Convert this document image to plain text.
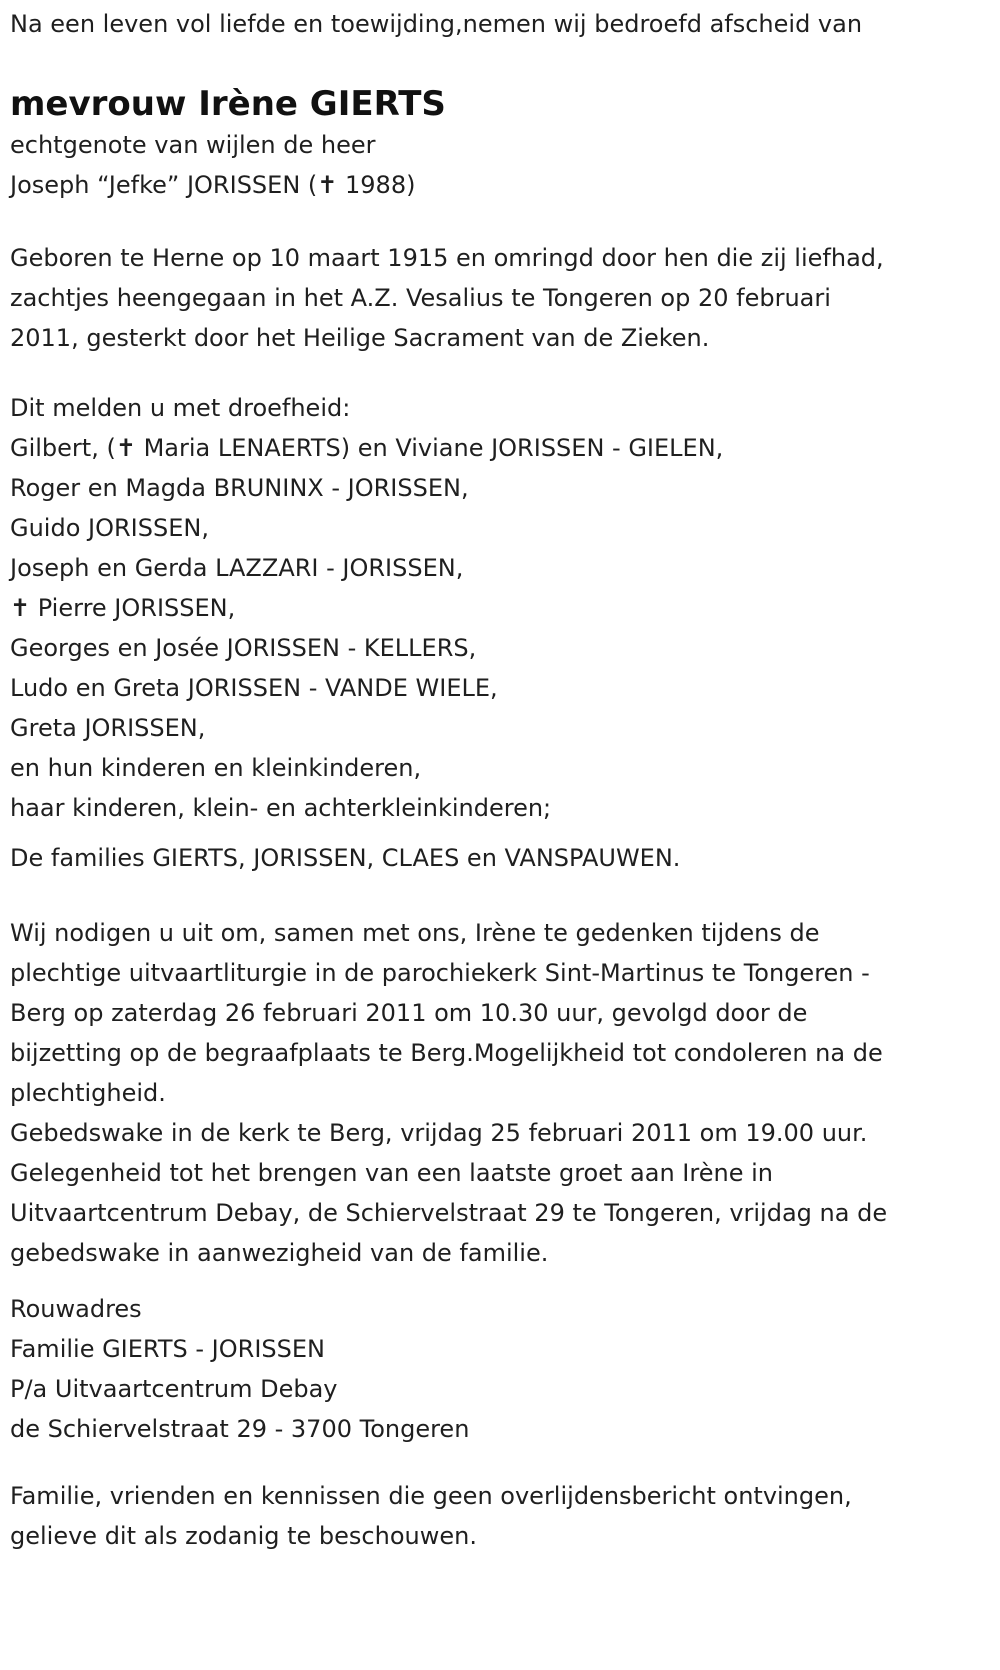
Na een leven vol liefde en toewijding,nemen wij bedroefd afscheid van
mevrouw Irène GIERTS
echtgenote van wijlen de heer
Joseph “Jefke” JORISSEN (✝ 1988)
Geboren te Herne op 10 maart 1915 en omringd door hen die zij liefhad,
zachtjes heengegaan in het A.Z. Vesalius te Tongeren op 20 februari
2011, gesterkt door het Heilige Sacrament van de Zieken.
Dit melden u met droefheid:
Gilbert, (✝ Maria LENAERTS) en Viviane JORISSEN - GIELEN,
Roger en Magda BRUNINX - JORISSEN,
Guido JORISSEN,
Joseph en Gerda LAZZARI - JORISSEN,
✝ Pierre JORISSEN,
Georges en Josée JORISSEN - KELLERS,
Ludo en Greta JORISSEN - VANDE WIELE,
Greta JORISSEN,
en hun kinderen en kleinkinderen,
haar kinderen, klein- en achterkleinkinderen;
De families GIERTS, JORISSEN, CLAES en VANSPAUWEN.
Wij nodigen u uit om, samen met ons, Irène te gedenken tijdens de
plechtige uitvaartliturgie in de parochiekerk Sint-Martinus te Tongeren -
Berg op zaterdag 26 februari 2011 om 10.30 uur, gevolgd door de
bijzetting op de begraafplaats te Berg.Mogelijkheid tot condoleren na de
plechtigheid.
Gebedswake in de kerk te Berg, vrijdag 25 februari 2011 om 19.00 uur.
Gelegenheid tot het brengen van een laatste groet aan Irène in
Uitvaartcentrum Debay, de Schiervelstraat 29 te Tongeren, vrijdag na de
gebedswake in aanwezigheid van de familie.
Rouwadres
Familie GIERTS - JORISSEN
P/a Uitvaartcentrum Debay
de Schiervelstraat 29 - 3700 Tongeren
Familie, vrienden en kennissen die geen overlijdensbericht ontvingen,
gelieve dit als zodanig te beschouwen.
